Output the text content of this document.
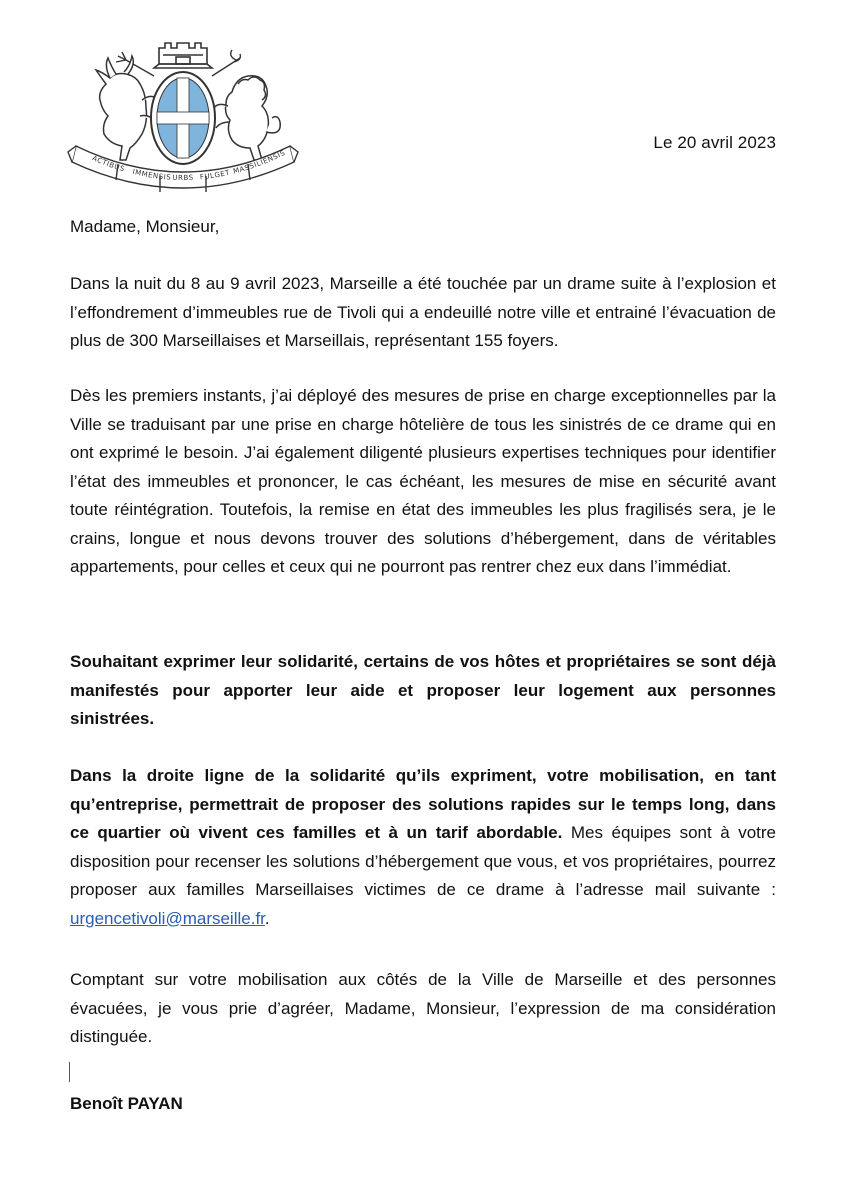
ACTIBUS IMMENSIS URBS FULGET MASSILIENSIS
Le 20 avril 2023

Madame, Monsieur,

Dans la nuit du 8 au 9 avril 2023, Marseille a été touchée par un drame suite à l’explosion et l’effondrement d’immeubles rue de Tivoli qui a endeuillé notre ville et entrainé l’évacuation de plus de 300 Marseillaises et Marseillais, représentant 155 foyers.

Dès les premiers instants, j’ai déployé des mesures de prise en charge exceptionnelles par la Ville se traduisant par une prise en charge hôtelière de tous les sinistrés de ce drame qui en ont exprimé le besoin. J’ai également diligenté plusieurs expertises techniques pour identifier l’état des immeubles et prononcer, le cas échéant, les mesures de mise en sécurité avant toute réintégration. Toutefois, la remise en état des immeubles les plus fragilisés sera, je le crains, longue et nous devons trouver des solutions d’hébergement, dans de véritables appartements, pour celles et ceux qui ne pourront pas rentrer chez eux dans l’immédiat.

Souhaitant exprimer leur solidarité, certains de vos hôtes et propriétaires se sont déjà manifestés pour apporter leur aide et proposer leur logement aux personnes sinistrées.

Dans la droite ligne de la solidarité qu’ils expriment, votre mobilisation, en tant qu’entreprise, permettrait de proposer des solutions rapides sur le temps long, dans ce quartier où vivent ces familles et à un tarif abordable. Mes équipes sont à votre disposition pour recenser les solutions d’hébergement que vous, et vos propriétaires, pourrez proposer aux familles Marseillaises victimes de ce drame à l’adresse mail suivante : urgencetivoli@marseille.fr.

Comptant sur votre mobilisation aux côtés de la Ville de Marseille et des personnes évacuées, je vous prie d’agréer, Madame, Monsieur, l’expression de ma considération distinguée.

Benoît PAYAN
